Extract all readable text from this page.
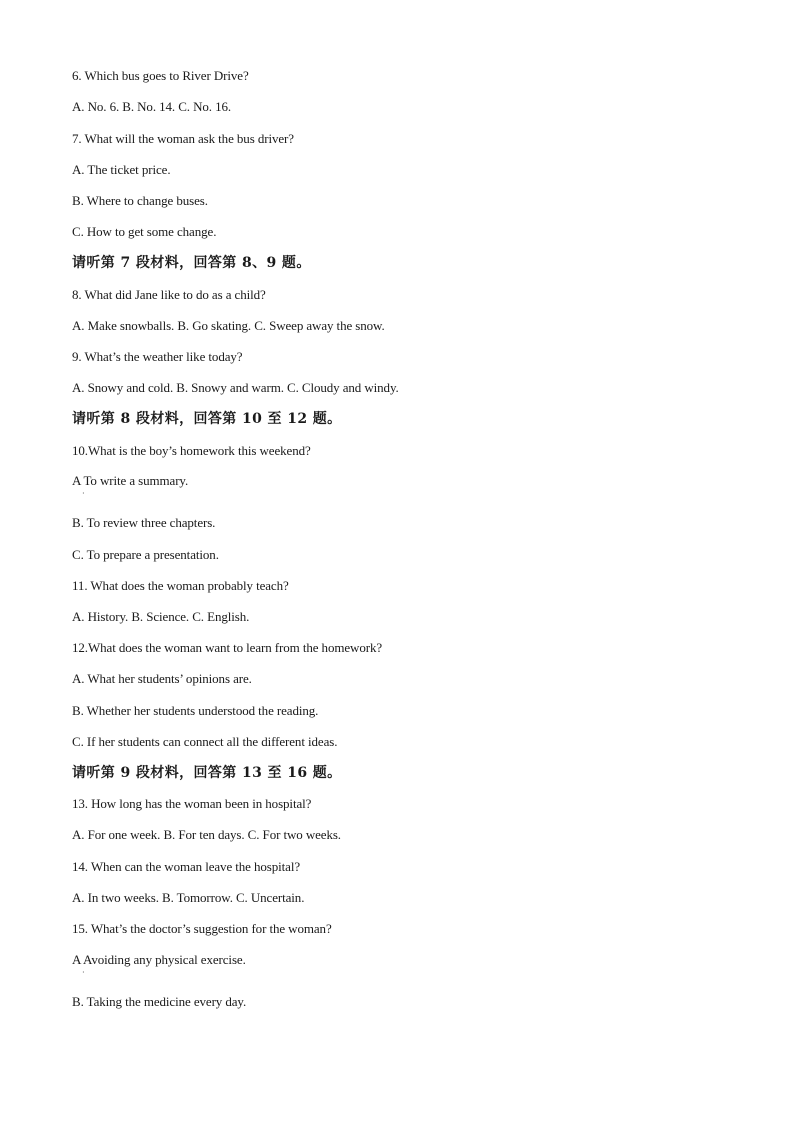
6. Which bus goes to River Drive?
A. No. 6. B. No. 14. C. No. 16.
7. What will the woman ask the bus driver?
A. The ticket price.
B. Where to change buses.
C. How to get some change.
请听第 7 段材料，回答第 8、9 题。
8. What did Jane like to do as a child?
A. Make snowballs. B. Go skating. C. Sweep away the snow.
9. What’s the weather like today?
A. Snowy and cold. B. Snowy and warm. C. Cloudy and windy.
请听第 8 段材料，回答第 10 至 12 题。
10.What is the boy’s homework this weekend?
A To write a summary.
·
B. To review three chapters.
C. To prepare a presentation.
11. What does the woman probably teach?
A. History. B. Science. C. English.
12.What does the woman want to learn from the homework?
A. What her students’ opinions are.
B. Whether her students understood the reading.
C. If her students can connect all the different ideas.
请听第 9 段材料，回答第 13 至 16 题。
13. How long has the woman been in hospital?
A. For one week. B. For ten days. C. For two weeks.
14. When can the woman leave the hospital?
A. In two weeks. B. Tomorrow. C. Uncertain.
15. What’s the doctor’s suggestion for the woman?
A Avoiding any physical exercise.
·
B. Taking the medicine every day.
